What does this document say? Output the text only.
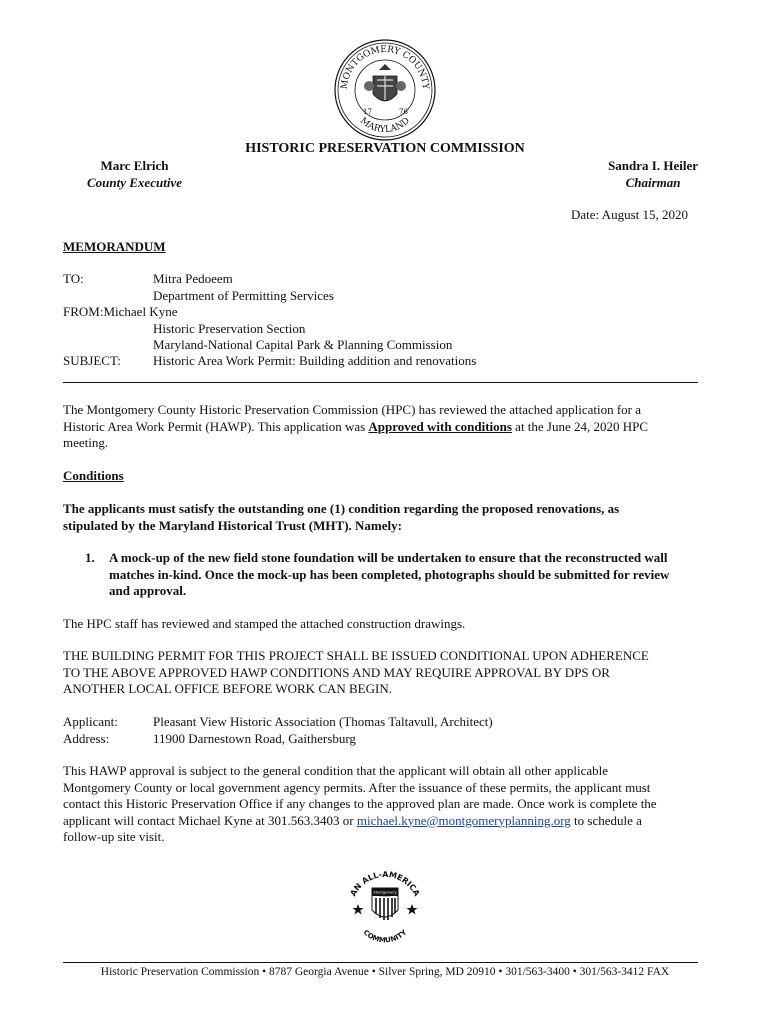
MONTGOMERY COUNTY
MARYLAND
17	76
HISTORIC PRESERVATION COMMISSION
Marc Elrich
County Executive
Sandra I. Heiler
Chairman
Date: August 15, 2020
MEMORANDUM
TO:	Mitra Pedoeem
Department of Permitting Services
FROM:Michael Kyne
Historic Preservation Section
Maryland-National Capital Park & Planning Commission
SUBJECT: Historic Area Work Permit: Building addition and renovations
The Montgomery County Historic Preservation Commission (HPC) has reviewed the attached application for a
Historic Area Work Permit (HAWP). This application was Approved with conditions at the June 24, 2020 HPC
meeting.
Conditions
The applicants must satisfy the outstanding one (1) condition regarding the proposed renovations, as
stipulated by the Maryland Historical Trust (MHT). Namely:
1. A mock-up of the new field stone foundation will be undertaken to ensure that the reconstructed wall
matches in-kind. Once the mock-up has been completed, photographs should be submitted for review
and approval.
The HPC staff has reviewed and stamped the attached construction drawings.
THE BUILDING PERMIT FOR THIS PROJECT SHALL BE ISSUED CONDITIONAL UPON ADHERENCE
TO THE ABOVE APPROVED HAWP CONDITIONS AND MAY REQUIRE APPROVAL BY DPS OR
ANOTHER LOCAL OFFICE BEFORE WORK CAN BEGIN.
Applicant:	Pleasant View Historic Association (Thomas Taltavull, Architect)
Address:	11900 Darnestown Road, Gaithersburg
This HAWP approval is subject to the general condition that the applicant will obtain all other applicable
Montgomery County or local government agency permits. After the issuance of these permits, the applicant must
contact this Historic Preservation Office if any changes to the approved plan are made. Once work is complete the
applicant will contact Michael Kyne at 301.563.3403 or michael.kyne@montgomeryplanning.org to schedule a
follow-up site visit.
AN ALL-AMERICA
COMMUNITY
Montgomery
County
Historic Preservation Commission • 8787 Georgia Avenue • Silver Spring, MD 20910 • 301/563-3400 • 301/563-3412 FAX
